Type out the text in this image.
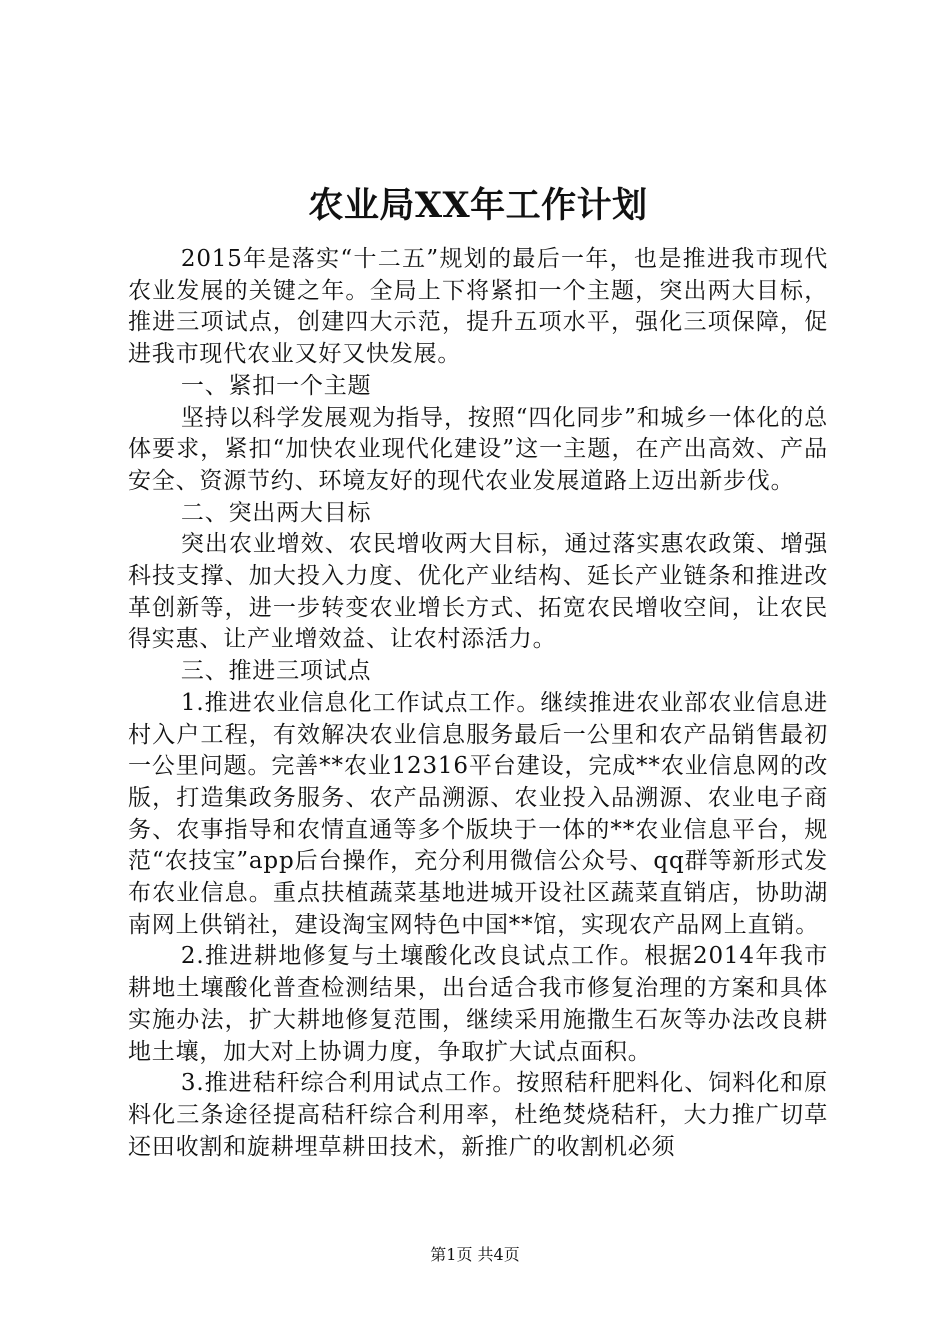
农业局XX年工作计划

2015年是落实“十二五”规划的最后一年，也是推进我市现代农业发展的关键之年。全局上下将紧扣一个主题，突出两大目标，推进三项试点，创建四大示范，提升五项水平，强化三项保障，促进我市现代农业又好又快发展。

一、紧扣一个主题

坚持以科学发展观为指导，按照“四化同步”和城乡一体化的总体要求，紧扣“加快农业现代化建设”这一主题，在产出高效、产品安全、资源节约、环境友好的现代农业发展道路上迈出新步伐。

二、突出两大目标

突出农业增效、农民增收两大目标，通过落实惠农政策、增强科技支撑、加大投入力度、优化产业结构、延长产业链条和推进改革创新等，进一步转变农业增长方式、拓宽农民增收空间，让农民得实惠、让产业增效益、让农村添活力。

三、推进三项试点

1.推进农业信息化工作试点工作。继续推进农业部农业信息进村入户工程，有效解决农业信息服务最后一公里和农产品销售最初一公里问题。完善**农业12316平台建设，完成**农业信息网的改版，打造集政务服务、农产品溯源、农业投入品溯源、农业电子商务、农事指导和农情直通等多个版块于一体的**农业信息平台，规范“农技宝”app后台操作，充分利用微信公众号、qq群等新形式发布农业信息。重点扶植蔬菜基地进城开设社区蔬菜直销店，协助湖南网上供销社，建设淘宝网特色中国**馆，实现农产品网上直销。

2.推进耕地修复与土壤酸化改良试点工作。根据2014年我市耕地土壤酸化普查检测结果，出台适合我市修复治理的方案和具体实施办法，扩大耕地修复范围，继续采用施撒生石灰等办法改良耕地土壤，加大对上协调力度，争取扩大试点面积。

3.推进秸秆综合利用试点工作。按照秸秆肥料化、饲料化和原料化三条途径提高秸秆综合利用率，杜绝焚烧秸秆，大力推广切草还田收割和旋耕埋草耕田技术，新推广的收割机必须

第1页 共4页
